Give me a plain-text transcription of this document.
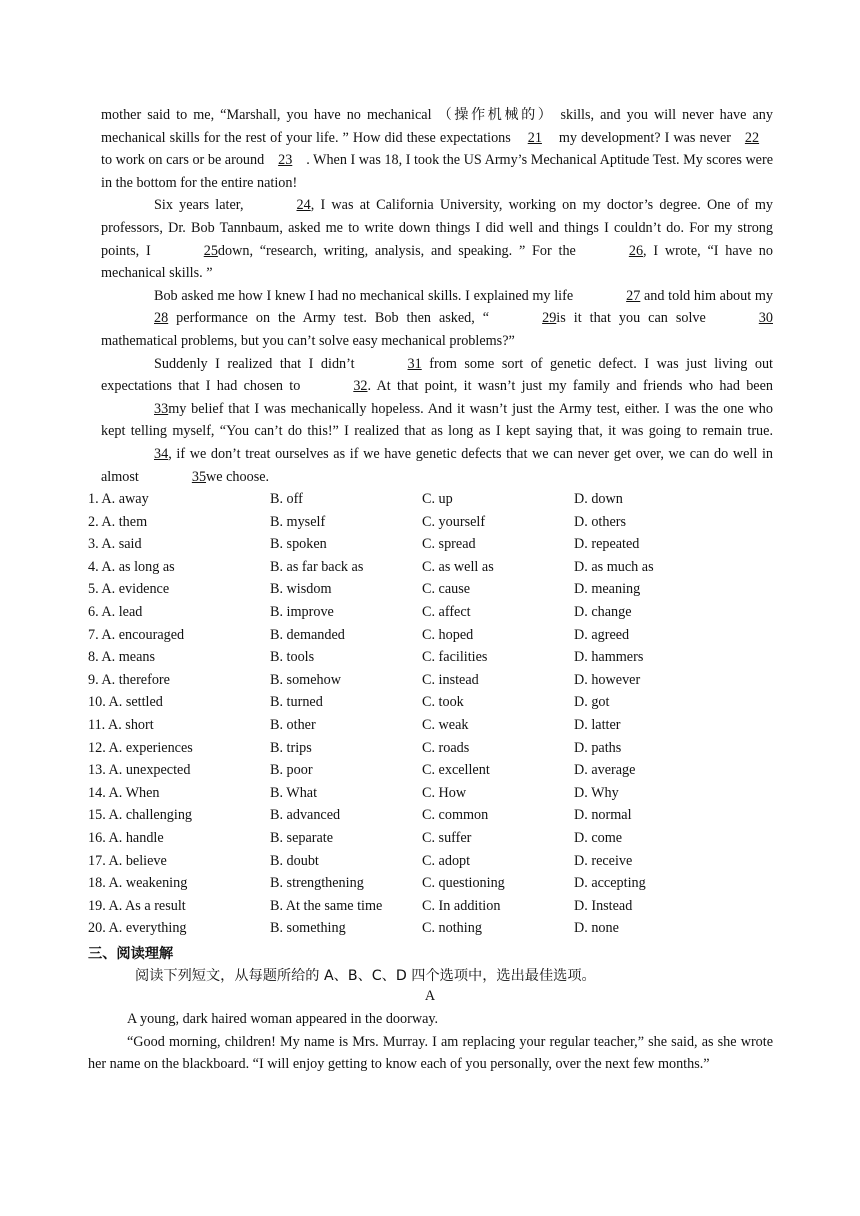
mother said to me, “Marshall, you have no mechanical （操作机械的） skills, and you will never have any mechanical skills for the rest of your life. ” How did these expectations 21 my development? I was never 22to work on cars or be around 23 . When I was 18, I took the US Army’s Mechanical Aptitude Test. My scores were in the bottom for the entire nation!

Six years later,	24, I was at California University, working on my doctor’s degree. One of my professors, Dr. Bob Tannbaum, asked me to write down things I did well and things I couldn’t do. For my strong points, I	25down, “research, writing, analysis, and speaking. ” For the	26, I wrote, “I have no mechanical skills. ”

Bob asked me how I knew I had no mechanical skills. I explained my life	27 and told him about my28 performance on the Army test. Bob then asked, “	29is it that you can solve	30 mathematical problems, but you can’t solve easy mechanical problems?”

Suddenly I realized that I didn’t	31 from some sort of genetic defect. I was just living out expectations that I had chosen to	32. At that point, it wasn’t just my family and friends who had been 33my belief that I was mechanically hopeless. And it wasn’t just the Army test, either. I was the one who kept telling myself, “You can’t do this!” I realized that as long as I kept saying that, it was going to remain true. 34, if we don’t treat ourselves as if we have genetic defects that we can never get over, we can do well in almost	35we choose.

1. A. away	B. off	C. up	D. down
2. A. them	B. myself	C. yourself	D. others
3. A. said	B. spoken	C. spread	D. repeated
4. A. as long as	B. as far back as	C. as well as	D. as much as
5. A. evidence	B. wisdom	C. cause	D. meaning
6. A. lead	B. improve	C. affect	D. change
7. A. encouraged	B. demanded	C. hoped	D. agreed
8. A. means	B. tools	C. facilities	D. hammers
9. A. therefore	B. somehow	C. instead	D. however
10. A. settled	B. turned	C. took	D. got
11. A. short	B. other	C. weak	D. latter
12. A. experiences	B. trips	C. roads	D. paths
13. A. unexpected	B. poor	C. excellent	D. average
14. A. When	B. What	C. How	D. Why
15. A. challenging	B. advanced	C. common	D. normal
16. A. handle	B. separate	C. suffer	D. come
17. A. believe	B. doubt	C. adopt	D. receive
18. A. weakening	B. strengthening	C. questioning	D. accepting
19. A. As a result	B. At the same time	C. In addition	D. Instead
20. A. everything	B. something	C. nothing	D. none
三、阅读理解
阅读下列短文，从每题所给的 A、B、C、D 四个选项中，选出最佳选项。
A

A young, dark haired woman appeared in the doorway.

“Good morning, children! My name is Mrs. Murray. I am replacing your regular teacher,” she said, as she wrote her name on the blackboard. “I will enjoy getting to know each of you personally, over the next few months.”
